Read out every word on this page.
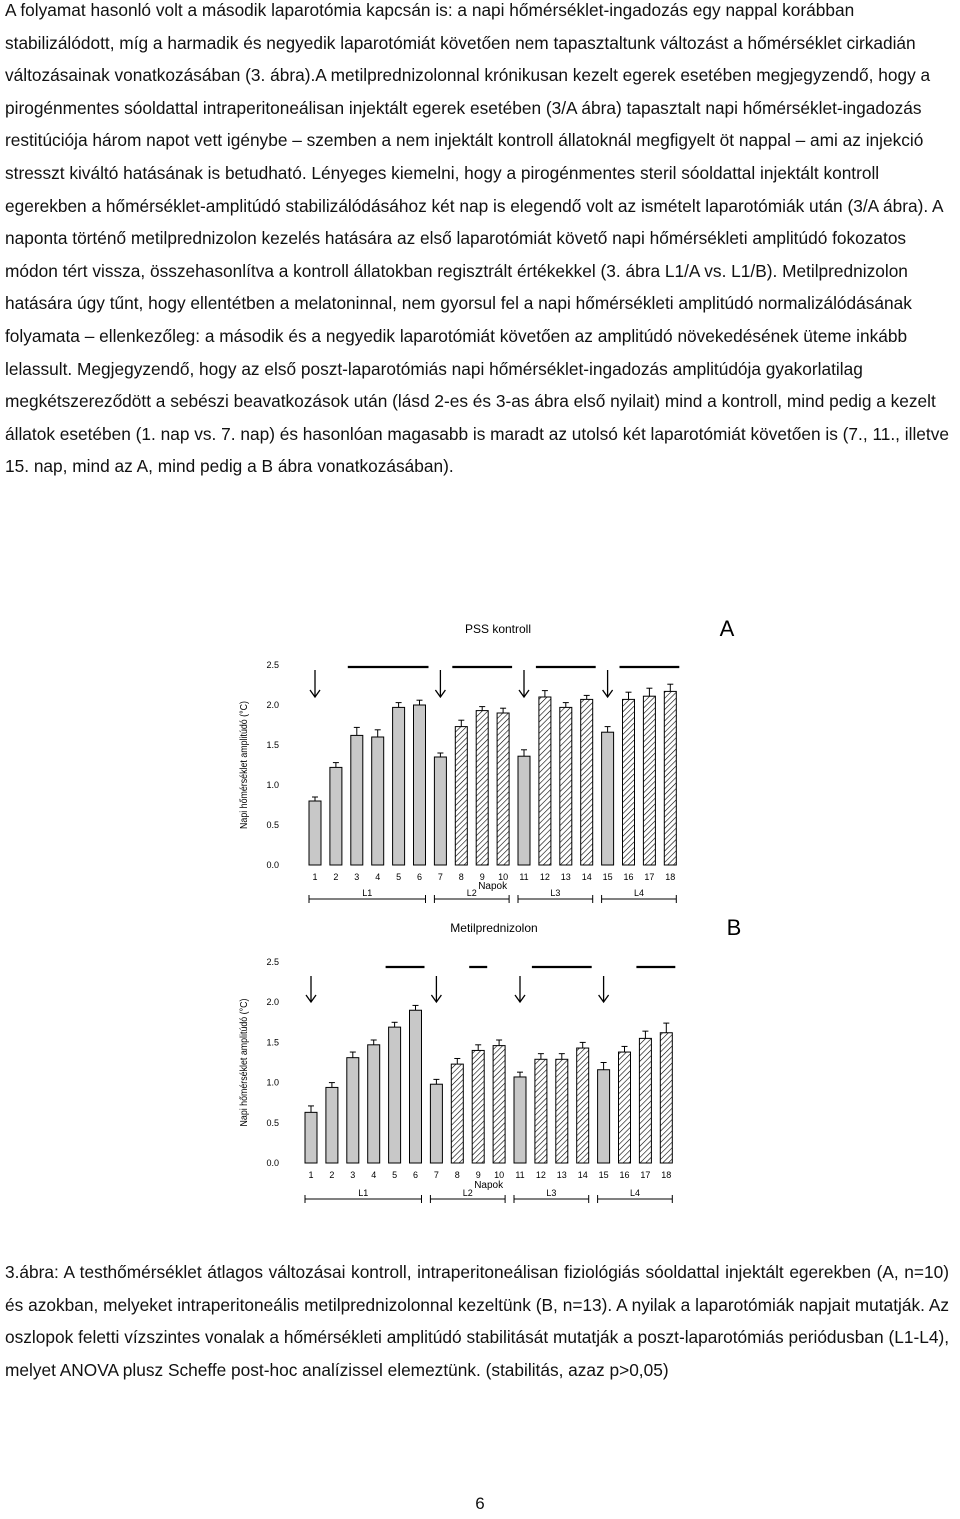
A folyamat hasonló volt a második laparotómia kapcsán is: a napi hőmérséklet-ingadozás egy nappal korábban stabilizálódott, míg a harmadik és negyedik laparotómiát követően nem tapasztaltunk változást a hőmérséklet cirkadián változásainak vonatkozásában (3. ábra).A metilprednizolonnal krónikusan kezelt egerek esetében megjegyzendő, hogy a pirogénmentes sóoldattal intraperitoneálisan injektált egerek esetében (3/A ábra) tapasztalt napi hőmérséklet-ingadozás restitúciója három napot vett igénybe – szemben a nem injektált kontroll állatoknál megfigyelt öt nappal – ami az injekció stresszt kiváltó hatásának is betudható. Lényeges kiemelni, hogy a pirogénmentes steril sóoldattal injektált kontroll egerekben a hőmérséklet-amplitúdó stabilizálódásához két nap is elegendő volt az ismételt laparotómiák után (3/A ábra). A naponta történő metilprednizolon kezelés hatására az első laparotómiát követő napi hőmérsékleti amplitúdó fokozatos módon tért vissza, összehasonlítva a kontroll állatokban regisztrált értékekkel (3. ábra L1/A vs. L1/B). Metilprednizolon hatására úgy tűnt, hogy ellentétben a melatoninnal, nem gyorsul fel a napi hőmérsékleti amplitúdó normalizálódásának folyamata – ellenkezőleg: a második és a negyedik laparotómiát követően az amplitúdó növekedésének üteme inkább lelassult. Megjegyzendő, hogy az első poszt-laparotómiás napi hőmérséklet-ingadozás amplitúdója gyakorlatilag megkétszereződött a sebészi beavatkozások után (lásd 2-es és 3-as ábra első nyilait) mind a kontroll, mind pedig a kezelt állatok esetében (1. nap vs. 7. nap) és hasonlóan magasabb is maradt az utolsó két laparotómiát követően is (7., 11., illetve 15. nap, mind az A, mind pedig a B ábra vonatkozásában).

PSS kontroll	A
0.0
0.5
1.0
1.5
2.0
2.5
Napi hőmérséklet amplitúdó (°C)
1 2 3 4 5 6 7 8 9 10 11 12 13 14 15 16 17 18
Napok
L1	L2	L3	L4
Metilprednizolon	B
0.0
0.5
1.0
1.5
2.0
2.5
Napi hőmérséklet amplitúdó (°C)
1 2 3 4 5 6 7 8 9 10 11 12 13 14 15 16 17 18
Napok
L1	L2	L3	L4

3.ábra: A testhőmérséklet átlagos változásai kontroll, intraperitoneálisan fiziológiás sóoldattal injektált egerekben (A, n=10) és azokban, melyeket intraperitoneális metilprednizolonnal kezeltünk (B, n=13). A nyilak a laparotómiák napjait mutatják. Az oszlopok feletti vízszintes vonalak a hőmérsékleti amplitúdó stabilitását mutatják a poszt-laparotómiás periódusban (L1-L4), melyet ANOVA plusz Scheffe post-hoc analízissel elemeztünk. (stabilitás, azaz p>0,05)

6
